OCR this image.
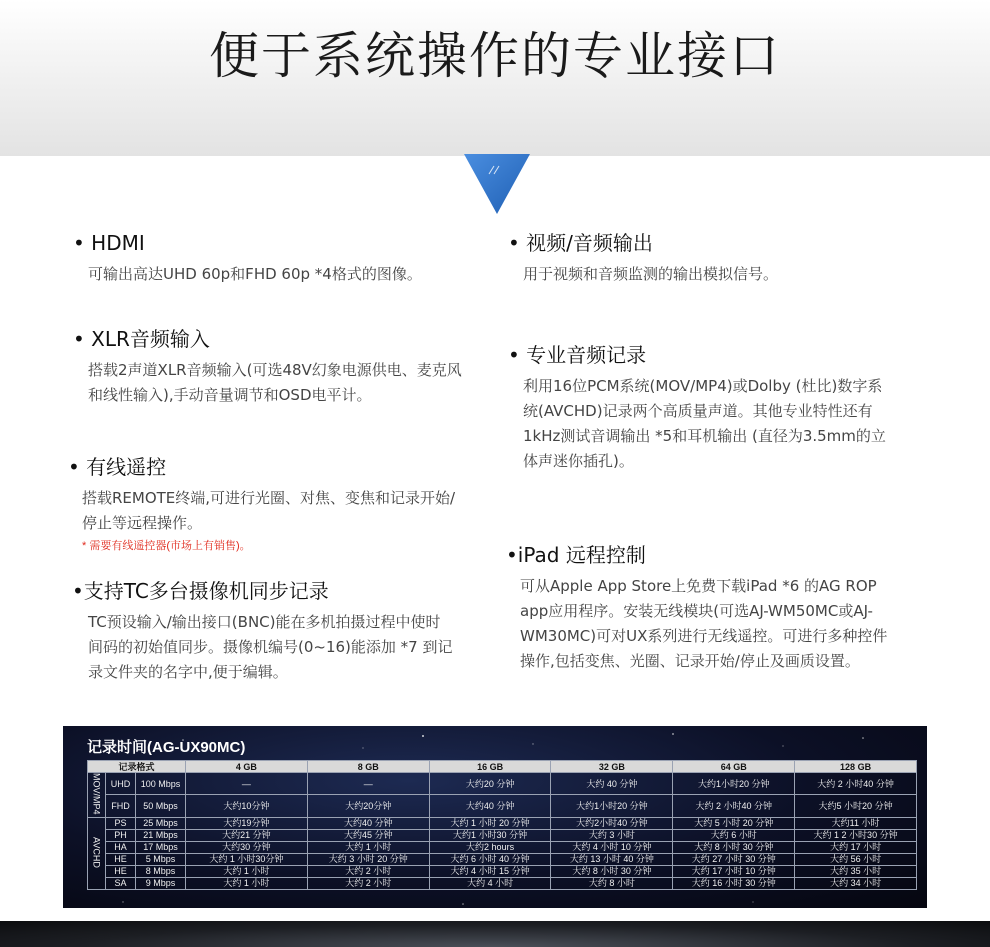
便于系统操作的专业接口
• HDMI
可输出高达UHD 60p和FHD 60p *4格式的图像。
• XLR音频输入
搭载2声道XLR音频输入(可选48V幻象电源供电、麦克风和线性输入),手动音量调节和OSD电平计。
• 有线遥控
搭载REMOTE终端,可进行光圈、对焦、变焦和记录开始/停止等远程操作。
* 需要有线遥控器(市场上有销售)。
•支持TC多台摄像机同步记录
TC预设输入/输出接口(BNC)能在多机拍摄过程中使时间码的初始值同步。摄像机编号(0~16)能添加 *7 到记录文件夹的名字中,便于编辑。
• 视频/音频输出
用于视频和音频监测的输出模拟信号。
• 专业音频记录
利用16位PCM系统(MOV/MP4)或Dolby (杜比)数字系统(AVCHD)记录两个高质量声道。其他专业特性还有1kHz测试音调输出 *5和耳机输出 (直径为3.5mm的立体声迷你插孔)。
•iPad 远程控制
可从Apple App Store上免费下载iPad *6 的AG ROP app应用程序。安装无线模块(可选AJ-WM50MC或AJ-WM30MC)可对UX系列进行无线遥控。可进行多种控件操作,包括变焦、光圈、记录开始/停止及画质设置。
记录时间(AG-UX90MC)
记录格式			4 GB	8 GB	16 GB	32 GB	64 GB	128 GB
MOV/MP4	UHD	100 Mbps	—	—	大约20 分钟	大约 40 分钟	大约1小时20 分钟	大约 2 小时40 分钟
	FHD	50 Mbps	大约10分钟	大约20分钟	大约40 分钟	大约1小时20 分钟	大约 2 小时40 分钟	大约5 小时20 分钟
AVCHD	PS	25 Mbps	大约19分钟	大约40 分钟	大约 1 小时 20 分钟	大约2小时40 分钟	大约 5 小时 20 分钟	大约11 小时
	PH	21 Mbps	大约21 分钟	大约45 分钟	大约1 小时30 分钟	大约 3 小时	大约 6 小时	大约 1 2 小时30 分钟
	HA	17 Mbps	大约30 分钟	大约 1 小时	大约2 hours	大约 4 小时 10 分钟	大约 8 小时 30 分钟	大约 17 小时
	HE	5 Mbps	大约 1 小时30分钟	大约 3 小时 20 分钟	大约 6 小时 40 分钟	大约 13 小时 40 分钟	大约 27 小时 30 分钟	大约 56 小时
	HE	8 Mbps	大约 1 小时	大约 2 小时	大约 4 小时 15 分钟	大约 8 小时 30 分钟	大约 17 小时 10 分钟	大约 35 小时
	SA	9 Mbps	大约 1 小时	大约 2 小时	大约 4 小时	大约 8 小时	大约 16 小时 30 分钟	大约 34 小时
